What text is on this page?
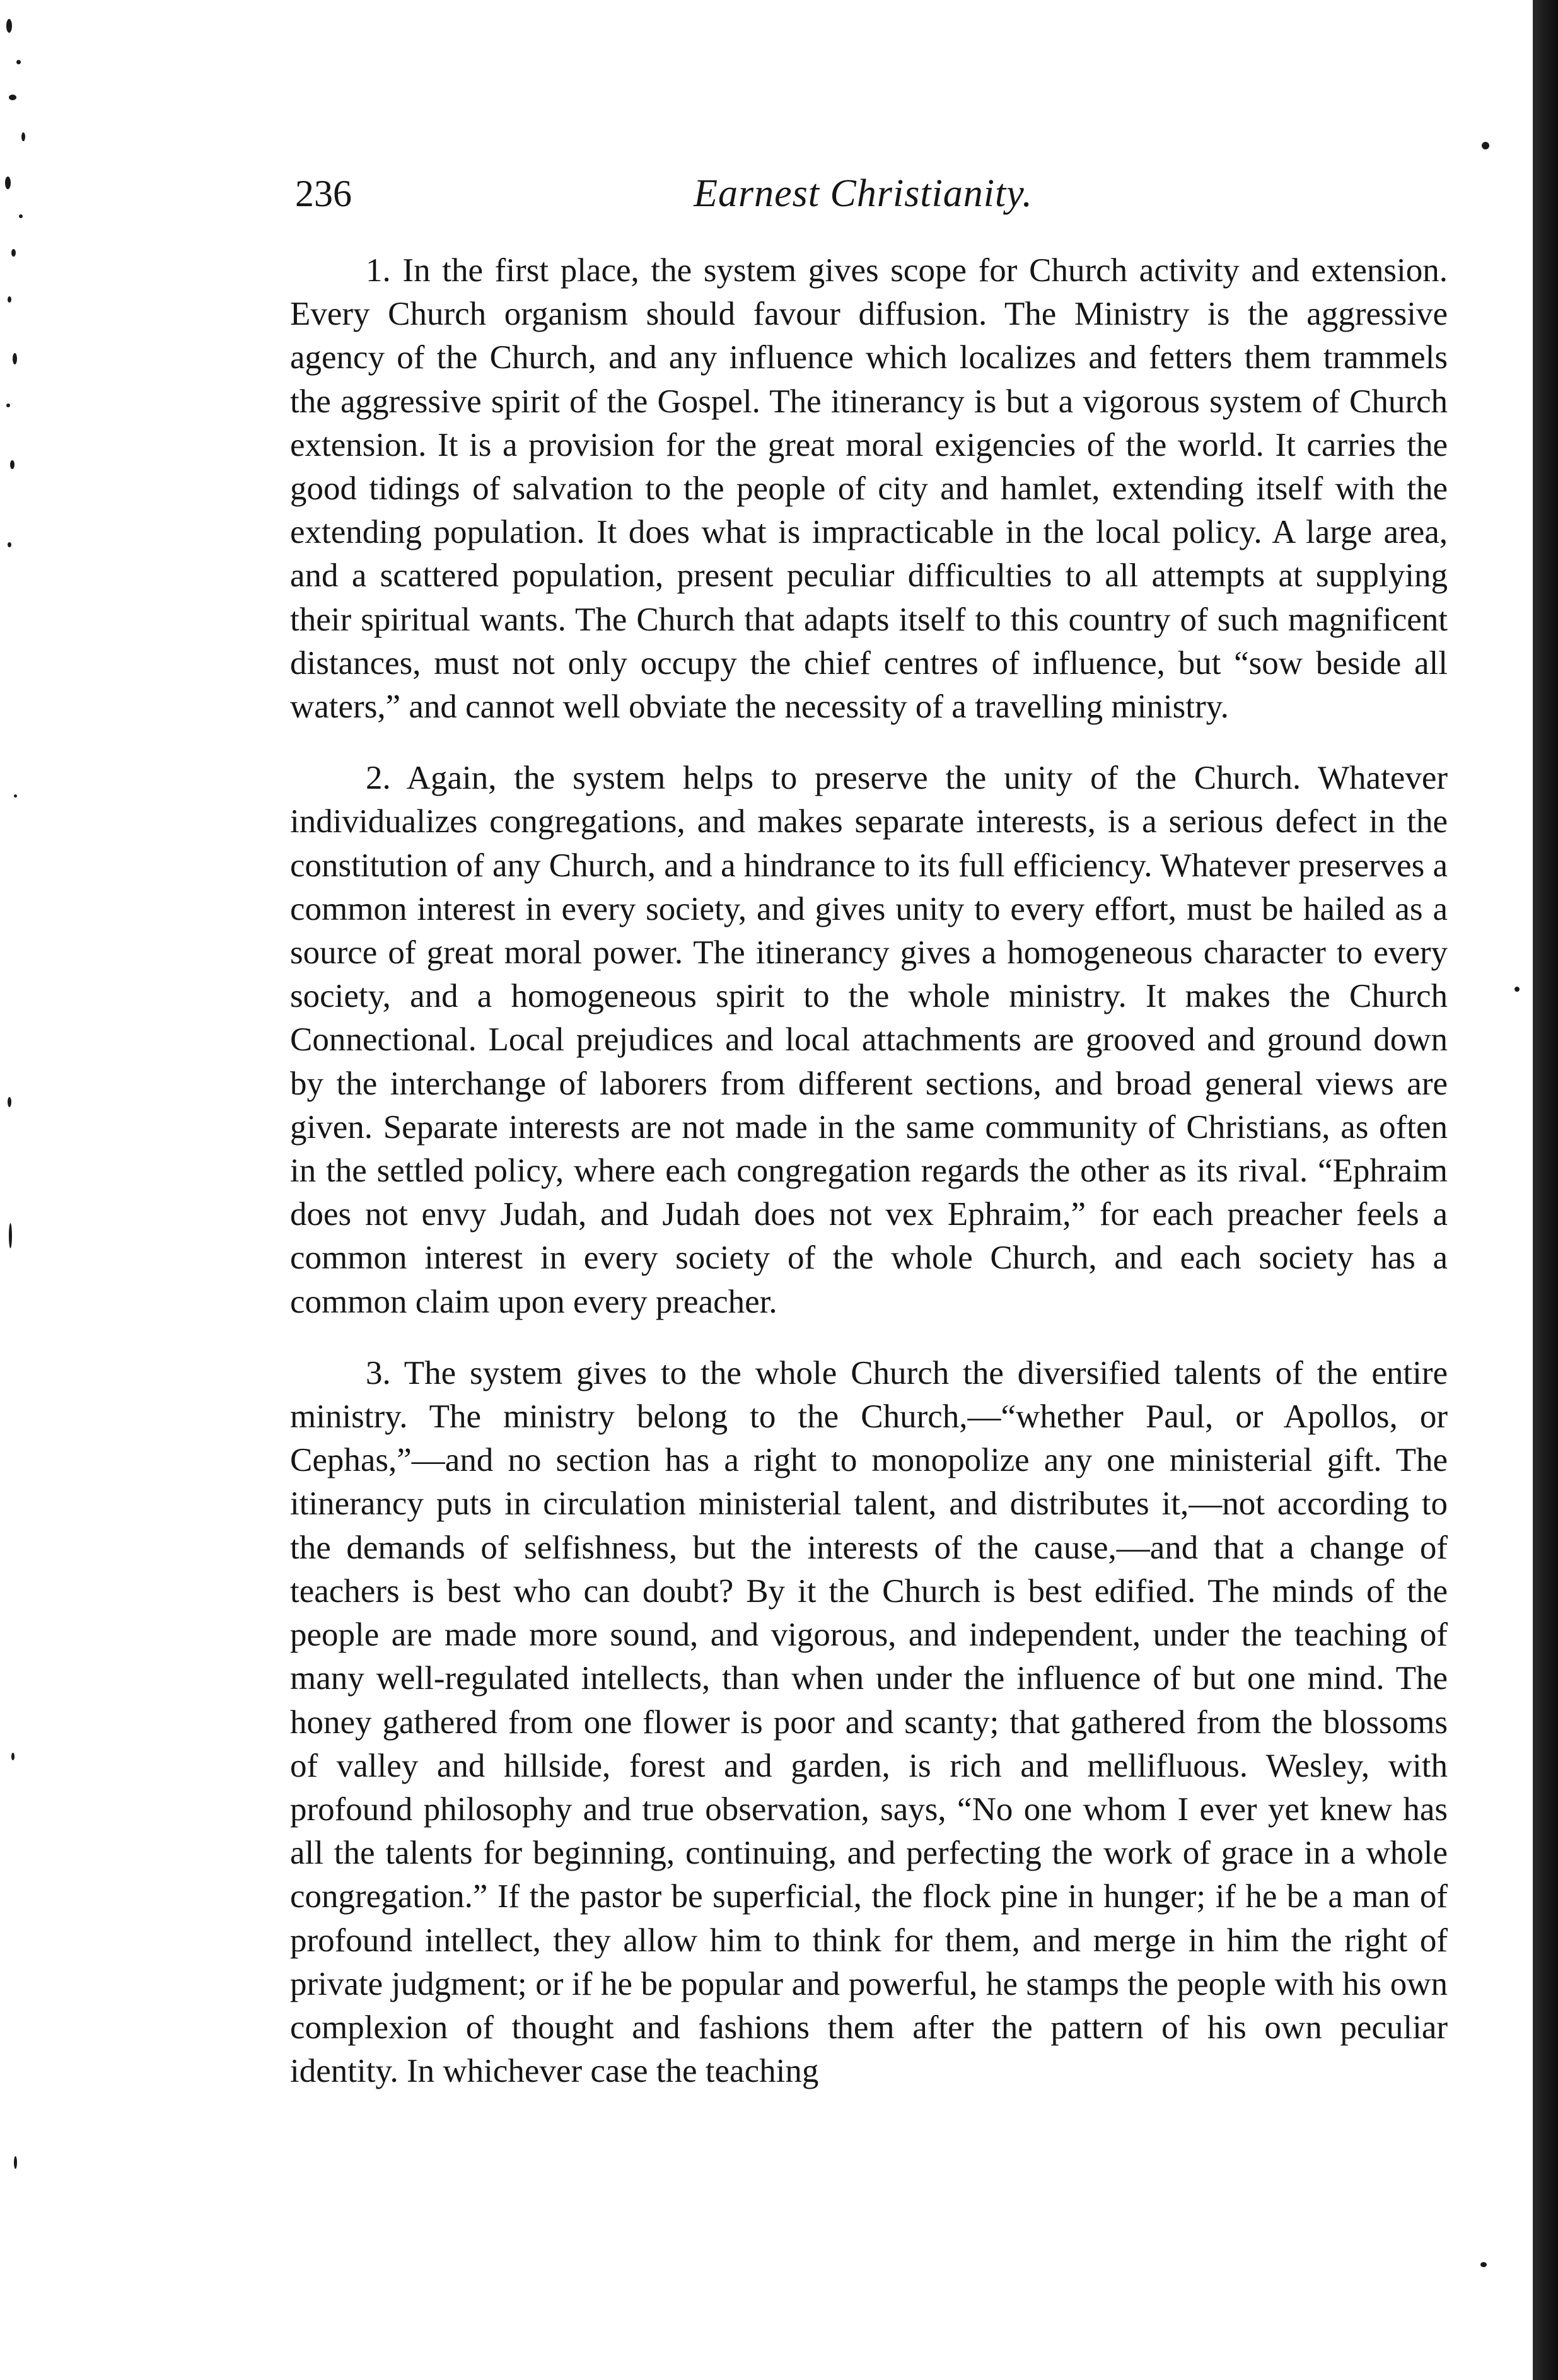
236	Earnest Christianity.

1. In the first place, the system gives scope for Church activity and extension. Every Church organism should favour diffusion. The Ministry is the aggressive agency of the Church, and any influence which localizes and fetters them trammels the aggressive spirit of the Gospel. The itinerancy is but a vigorous system of Church extension. It is a provision for the great moral exigencies of the world. It carries the good tidings of salvation to the people of city and hamlet, extending itself with the extending population. It does what is impracticable in the local policy. A large area, and a scattered population, present peculiar difficulties to all attempts at supplying their spiritual wants. The Church that adapts itself to this country of such magnificent distances, must not only occupy the chief centres of influence, but “sow beside all waters,” and cannot well obviate the necessity of a travelling ministry.

2. Again, the system helps to preserve the unity of the Church. Whatever individualizes congregations, and makes separate interests, is a serious defect in the constitution of any Church, and a hindrance to its full efficiency. Whatever preserves a common interest in every society, and gives unity to every effort, must be hailed as a source of great moral power. The itinerancy gives a homogeneous character to every society, and a homogeneous spirit to the whole ministry. It makes the Church Connectional. Local prejudices and local attachments are grooved and ground down by the interchange of laborers from different sections, and broad general views are given. Separate interests are not made in the same community of Christians, as often in the settled policy, where each congregation regards the other as its rival. “Ephraim does not envy Judah, and Judah does not vex Ephraim,” for each preacher feels a common interest in every society of the whole Church, and each society has a common claim upon every preacher.

3. The system gives to the whole Church the diversified talents of the entire ministry. The ministry belong to the Church,—“whether Paul, or Apollos, or Cephas,”—and no section has a right to monopolize any one ministerial gift. The itinerancy puts in circulation ministerial talent, and distributes it,—not according to the demands of selfishness, but the interests of the cause,—and that a change of teachers is best who can doubt? By it the Church is best edified. The minds of the people are made more sound, and vigorous, and independent, under the teaching of many well-regulated intellects, than when under the influence of but one mind. The honey gathered from one flower is poor and scanty; that gathered from the blossoms of valley and hillside, forest and garden, is rich and mellifluous. Wesley, with profound philosophy and true observation, says, “No one whom I ever yet knew has all the talents for beginning, continuing, and perfecting the work of grace in a whole congregation.” If the pastor be superficial, the flock pine in hunger; if he be a man of profound intellect, they allow him to think for them, and merge in him the right of private judgment; or if he be popular and powerful, he stamps the people with his own complexion of thought and fashions them after the pattern of his own peculiar identity. In whichever case the teaching
